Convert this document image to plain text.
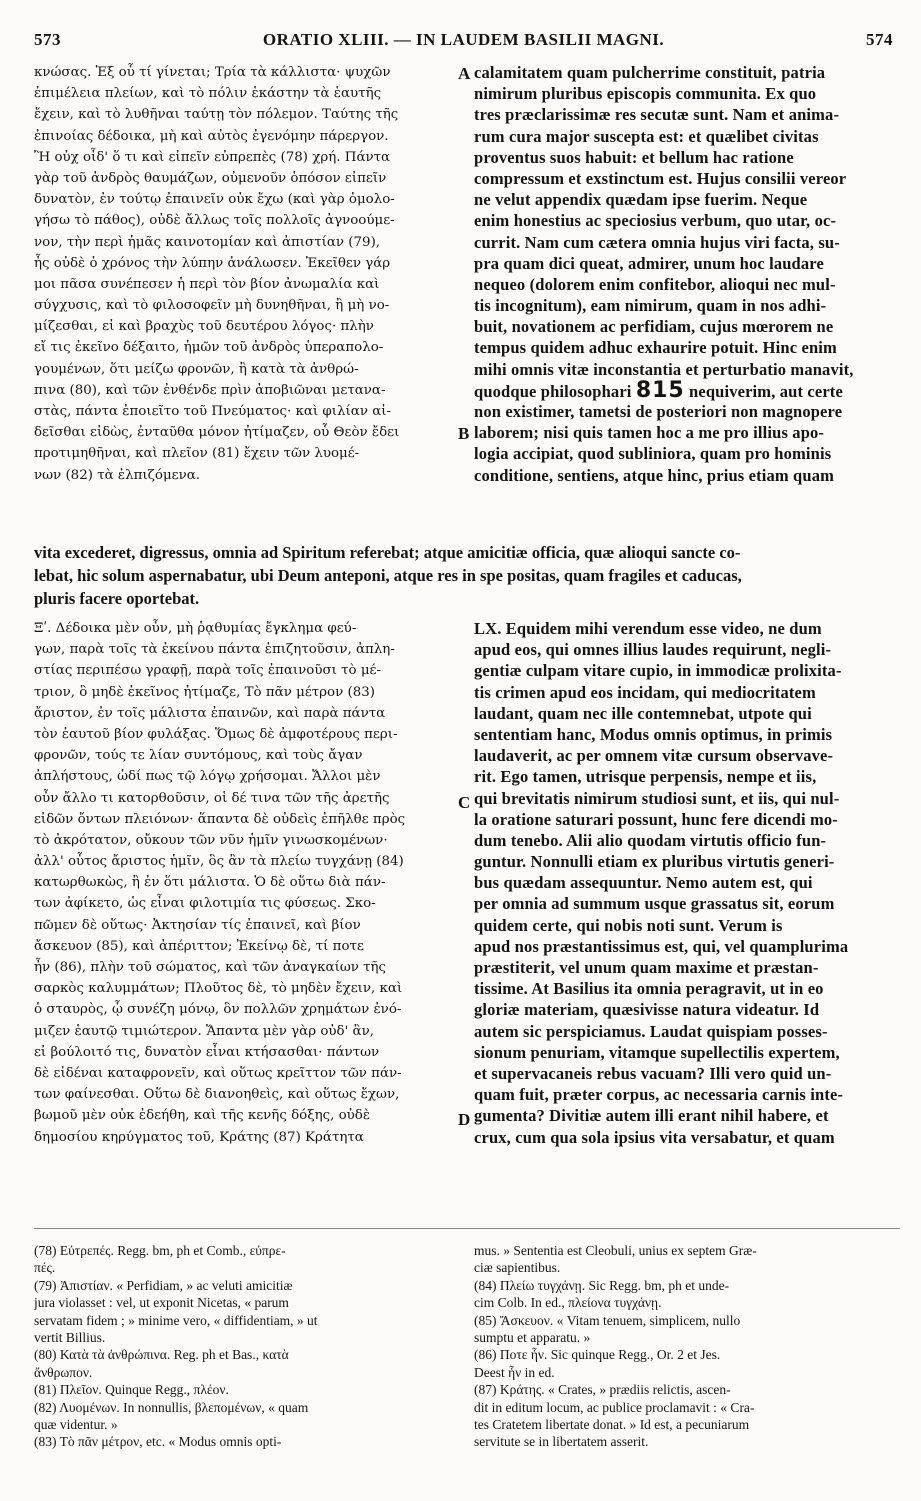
573	ORATIO XLIII. — IN LAUDEM BASILII MAGNI.	574
κνώσας. Ἐξ οὗ τί γίνεται; Τρία τὰ κάλλιστα· ψυχῶν
ἐπιμέλεια πλείων, καὶ τὸ πόλιν ἑκάστην τὰ ἑαυτῆς
ἔχειν, καὶ τὸ λυθῆναι ταύτῃ τὸν πόλεμον. Ταύτης τῆς
ἐπινοίας δέδοικα, μὴ καὶ αὐτὸς ἐγενόμην πάρεργον.
Ἢ οὐχ οἶδ' ὅ τι καὶ εἰπεῖν εὐπρεπὲς (78) χρή. Πάντα
γὰρ τοῦ ἀνδρὸς θαυμάζων, οὐμενοῦν ὁπόσον εἰπεῖν
δυνατὸν, ἐν τούτῳ ἐπαινεῖν οὐκ ἔχω (καὶ γὰρ ὁμολο-
γήσω τὸ πάθος), οὐδὲ ἄλλως τοῖς πολλοῖς ἀγνοούμε-
νον, τὴν περὶ ἡμᾶς καινοτομίαν καὶ ἀπιστίαν (79),
ἧς οὐδὲ ὁ χρόνος τὴν λύπην ἀνάλωσεν. Ἐκεῖθεν γάρ
μοι πᾶσα συνέπεσεν ἡ περὶ τὸν βίον ἀνωμαλία καὶ
σύγχυσις, καὶ τὸ φιλοσοφεῖν μὴ δυνηθῆναι, ἢ μὴ νο-
μίζεσθαι, εἰ καὶ βραχὺς τοῦ δευτέρου λόγος· πλὴν
εἴ τις ἐκεῖνο δέξαιτο, ἡμῶν τοῦ ἀνδρὸς ὑπεραπολο-
γουμένων, ὅτι μείζω φρονῶν, ἢ κατὰ τὰ ἀνθρώ-
πινα (80), καὶ τῶν ἐνθένδε πρὶν ἀποβιῶναι μετανα-
στὰς, πάντα ἐποιεῖτο τοῦ Πνεύματος· καὶ φιλίαν αἰ-
δεῖσθαι εἰδὼς, ἐνταῦθα μόνον ἠτίμαζεν, οὗ Θεὸν ἔδει
προτιμηθῆναι, καὶ πλεῖον (81) ἔχειν τῶν λυομέ-
νων (82) τὰ ἐλπιζόμενα.
calamitatem quam pulcherrime constituit, patria
nimirum pluribus episcopis communita. Ex quo
tres præclarissimæ res secutæ sunt. Nam et anima-
rum cura major suscepta est: et quælibet civitas
proventus suos habuit: et bellum hac ratione
compressum et exstinctum est. Hujus consilii vereor
ne velut appendix quædam ipse fuerim. Neque
enim honestius ac speciosius verbum, quo utar, oc-
currit. Nam cum cætera omnia hujus viri facta, su-
pra quam dici queat, admirer, unum hoc laudare
nequeo (dolorem enim confitebor, alioqui nec mul-
tis incognitum), eam nimirum, quam in nos adhi-
buit, novationem ac perfidiam, cujus mœrorem ne
tempus quidem adhuc exhaurire potuit. Hinc enim
mihi omnis vitæ inconstantia et perturbatio manavit,
quodque philosophari 815 nequiverim, aut certe
non existimer, tametsi de posteriori non magnopere
laborem; nisi quis tamen hoc a me pro illius apo-
logia accipiat, quod subliniora, quam pro hominis
conditione, sentiens, atque hinc, prius etiam quam
A
B
vita excederet, digressus, omnia ad Spiritum referebat; atque amicitiæ officia, quæ alioqui sancte co-
lebat, hic solum aspernabatur, ubi Deum anteponi, atque res in spe positas, quam fragiles et caducas,
pluris facere oportebat.
Ξʹ. Δέδοικα μὲν οὖν, μὴ ῥᾳθυμίας ἔγκλημα φεύ-
γων, παρὰ τοῖς τὰ ἐκείνου πάντα ἐπιζητοῦσιν, ἀπλη-
στίας περιπέσω γραφῇ, παρὰ τοῖς ἐπαινοῦσι τὸ μέ-
τριον, ὃ μηδὲ ἐκεῖνος ἠτίμαζε, Τὸ πᾶν μέτρον (83)
ἄριστον, ἐν τοῖς μάλιστα ἐπαινῶν, καὶ παρὰ πάντα
τὸν ἑαυτοῦ βίον φυλάξας. Ὅμως δὲ ἀμφοτέρους περι-
φρονῶν, τούς τε λίαν συντόμους, καὶ τοὺς ἄγαν
ἀπλήστους, ὡδί πως τῷ λόγῳ χρήσομαι. Ἄλλοι μὲν
οὖν ἄλλο τι κατορθοῦσιν, οἱ δέ τινα τῶν τῆς ἀρετῆς
εἰδῶν ὄντων πλειόνων· ἅπαντα δὲ οὐδεὶς ἐπῆλθε πρὸς
τὸ ἀκρότατον, οὔκουν τῶν νῦν ἡμῖν γινωσκομένων·
ἀλλ' οὗτος ἄριστος ἡμῖν, ὃς ἂν τὰ πλείω τυγχάνῃ (84)
κατωρθωκὼς, ἢ ἐν ὅτι μάλιστα. Ὁ δὲ οὕτω διὰ πάν-
των ἀφίκετο, ὡς εἶναι φιλοτιμία τις φύσεως. Σκο-
πῶμεν δὲ οὕτως· Ἀκτησίαν τίς ἐπαινεῖ, καὶ βίον
ἄσκευον (85), καὶ ἀπέριττον; Ἐκείνῳ δὲ, τί ποτε
ἦν (86), πλὴν τοῦ σώματος, καὶ τῶν ἀναγκαίων τῆς
σαρκὸς καλυμμάτων; Πλοῦτος δὲ, τὸ μηδὲν ἔχειν, καὶ
ὁ σταυρὸς, ᾧ συνέζη μόνῳ, ὃν πολλῶν χρημάτων ἐνό-
μιζεν ἑαυτῷ τιμιώτερον. Ἅπαντα μὲν γὰρ οὐδ' ἂν,
εἰ βούλοιτό τις, δυνατὸν εἶναι κτήσασθαι· πάντων
δὲ εἰδέναι καταφρονεῖν, καὶ οὕτως κρεῖττον τῶν πάν-
των φαίνεσθαι. Οὕτω δὲ διανοηθεὶς, καὶ οὕτως ἔχων,
βωμοῦ μὲν οὐκ ἐδεήθη, καὶ τῆς κενῆς δόξης, οὐδὲ
δημοσίου κηρύγματος τοῦ, Κράτης (87) Κράτητα
LX. Equidem mihi verendum esse video, ne dum
apud eos, qui omnes illius laudes requirunt, negli-
gentiæ culpam vitare cupio, in immodicæ prolixita-
tis crimen apud eos incidam, qui mediocritatem
laudant, quam nec ille contemnebat, utpote qui
sententiam hanc, Modus omnis optimus, in primis
laudaverit, ac per omnem vitæ cursum observave-
rit. Ego tamen, utrisque perpensis, nempe et iis,
qui brevitatis nimirum studiosi sunt, et iis, qui nul-
la oratione saturari possunt, hunc fere dicendi mo-
dum tenebo. Alii alio quodam virtutis officio fun-
guntur. Nonnulli etiam ex pluribus virtutis generi-
bus quædam assequuntur. Nemo autem est, qui
per omnia ad summum usque grassatus sit, eorum
quidem certe, qui nobis noti sunt. Verum is
apud nos præstantissimus est, qui, vel quamplurima
præstiterit, vel unum quam maxime et præstan-
tissime. At Basilius ita omnia peragravit, ut in eo
gloriæ materiam, quæsivisse natura videatur. Id
autem sic perspiciamus. Laudat quispiam posses-
sionum penuriam, vitamque supellectilis expertem,
et supervacaneis rebus vacuam? Illi vero quid un-
quam fuit, præter corpus, ac necessaria carnis inte-
gumenta? Divitiæ autem illi erant nihil habere, et
crux, cum qua sola ipsius vita versabatur, et quam
C
D
(78) Εὐτρεπές. Regg. bm, ph et Comb., εὐπρε-
πές.
(79) Ἀπιστίαν. « Perfidiam, » ac veluti amicitiæ
jura violasset : vel, ut exponit Nicetas, « parum
servatam fidem ; » minime vero, « diffidentiam, » ut
vertit Billius.
(80) Κατὰ τὰ ἀνθρώπινα. Reg. ph et Bas., κατὰ
ἄνθρωπον.
(81) Πλεῖον. Quinque Regg., πλέον.
(82) Λυομένων. In nonnullis, βλεπομένων, « quam
quæ videntur. »
(83) Τὸ πᾶν μέτρον, etc. « Modus omnis opti-
mus. » Sententia est Cleobuli, unius ex septem Græ-
ciæ sapientibus.
(84) Πλείω τυγχάνῃ. Sic Regg. bm, ph et unde-
cim Colb. In ed., πλείονα τυγχάνῃ.
(85) Ἄσκευον. « Vitam tenuem, simplicem, nullo
sumptu et apparatu. »
(86) Ποτε ἦν. Sic quinque Regg., Or. 2 et Jes.
Deest ἦν in ed.
(87) Κράτης. « Crates, » prædiis relictis, ascen-
dit in editum locum, ac publice proclamavit : « Cra-
tes Cratetem libertate donat. » Id est, a pecuniarum
servitute se in libertatem asserit.
